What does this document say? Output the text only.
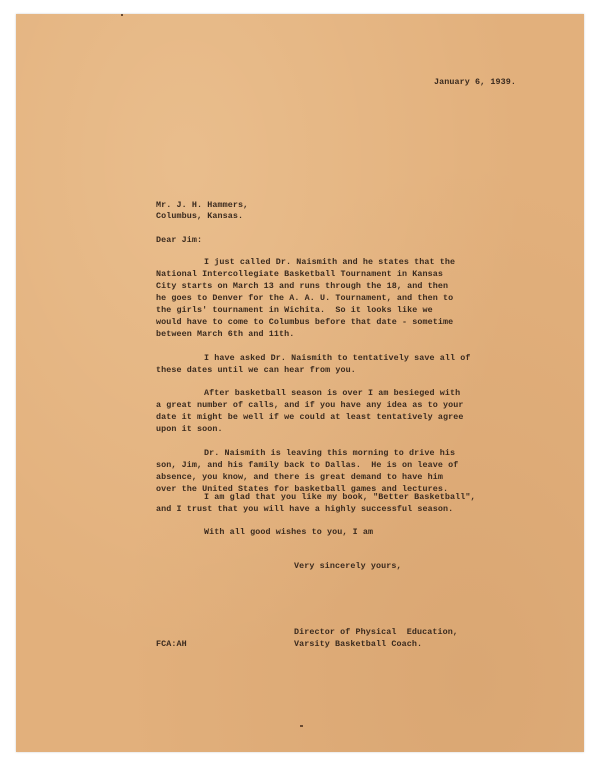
January 6, 1939.
Mr. J. H. Hammers,
Columbus, Kansas.
Dear Jim:
I just called Dr. Naismith and he states that the
National Intercollegiate Basketball Tournament in Kansas
City starts on March 13 and runs through the 18, and then
he goes to Denver for the A. A. U. Tournament, and then to
the girls' tournament in Wichita.  So it looks like we
would have to come to Columbus before that date - sometime
between March 6th and 11th.
I have asked Dr. Naismith to tentatively save all of
these dates until we can hear from you.
After basketball season is over I am besieged with
a great number of calls, and if you have any idea as to your
date it might be well if we could at least tentatively agree
upon it soon.
Dr. Naismith is leaving this morning to drive his
son, Jim, and his family back to Dallas.  He is on leave of
absence, you know, and there is great demand to have him
over the United States for basketball games and lectures.
I am glad that you like my book, "Better Basketball",
and I trust that you will have a highly successful season.
With all good wishes to you, I am
Very sincerely yours,
Director of Physical  Education,
Varsity Basketball Coach.
FCA:AH
